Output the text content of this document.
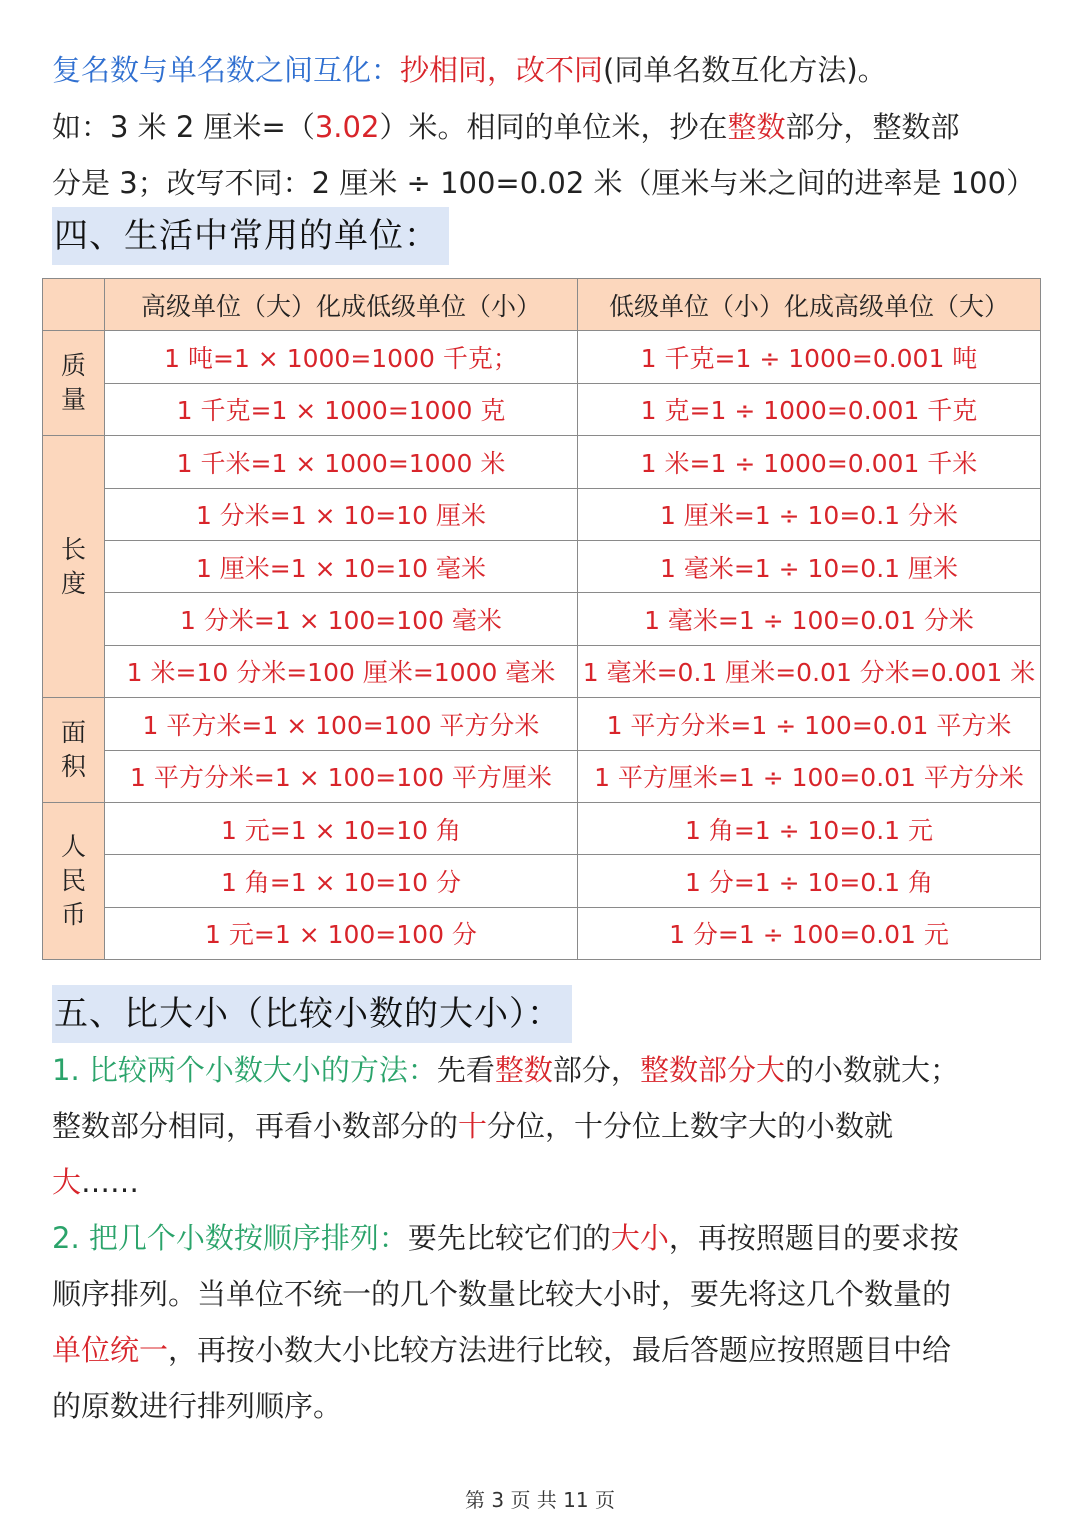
复名数与单名数之间互化：抄相同，改不同(同单名数互化方法)。
如：3 米 2 厘米=（3.02）米。相同的单位米，抄在整数部分，整数部
分是 3；改写不同：2 厘米 ÷ 100=0.02 米（厘米与米之间的进率是 100）
四、生活中常用的单位：
	高级单位（大）化成低级单位（小）	低级单位（小）化成高级单位（大）

质
量	1 吨=1 × 1000=1000 千克；	1 千克=1 ÷ 1000=0.001 吨
	1 千克=1 × 1000=1000 克	1 克=1 ÷ 1000=0.001 千克

长
度	1 千米=1 × 1000=1000 米	1 米=1 ÷ 1000=0.001 千米
	1 分米=1 × 10=10 厘米	1 厘米=1 ÷ 10=0.1 分米
	1 厘米=1 × 10=10 毫米	1 毫米=1 ÷ 10=0.1 厘米
	1 分米=1 × 100=100 毫米	1 毫米=1 ÷ 100=0.01 分米
	1 米=10 分米=100 厘米=1000 毫米	1 毫米=0.1 厘米=0.01 分米=0.001 米

面
积	1 平方米=1 × 100=100 平方分米	1 平方分米=1 ÷ 100=0.01 平方米
	1 平方分米=1 × 100=100 平方厘米	1 平方厘米=1 ÷ 100=0.01 平方分米

人
民
币	1 元=1 × 10=10 角	1 角=1 ÷ 10=0.1 元
	1 角=1 × 10=10 分	1 分=1 ÷ 10=0.1 角
	1 元=1 × 100=100 分	1 分=1 ÷ 100=0.01 元
五、比大小（比较小数的大小）：
1. 比较两个小数大小的方法：先看整数部分，整数部分大的小数就大；
整数部分相同，再看小数部分的十分位，十分位上数字大的小数就
大……
2. 把几个小数按顺序排列：要先比较它们的大小，再按照题目的要求按
顺序排列。当单位不统一的几个数量比较大小时，要先将这几个数量的
单位统一，再按小数大小比较方法进行比较，最后答题应按照题目中给
的原数进行排列顺序。
第 3 页 共 11 页
